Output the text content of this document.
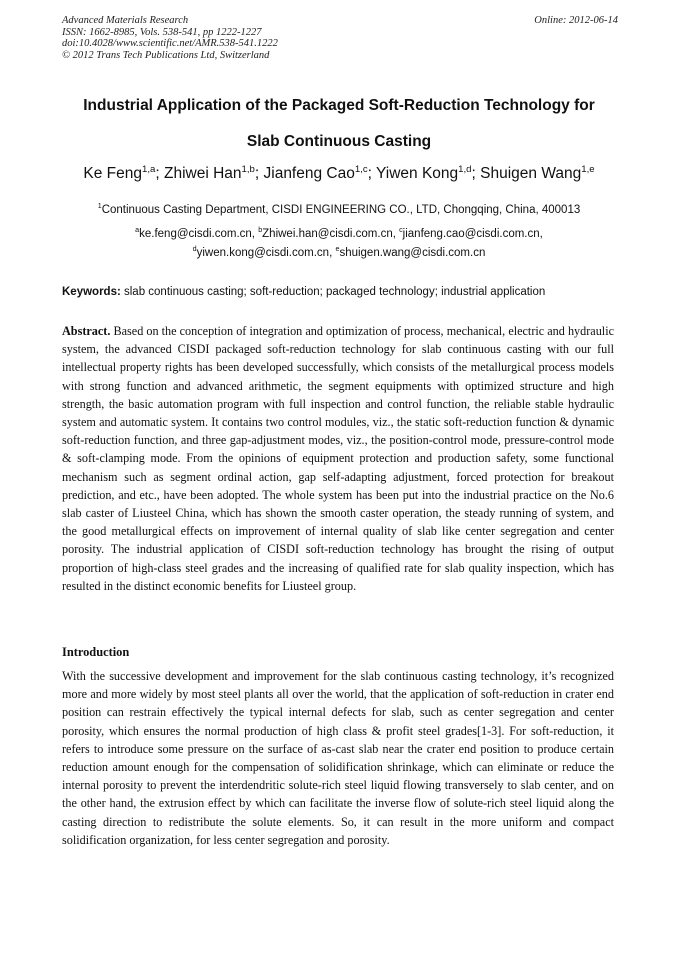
Advanced Materials Research
ISSN: 1662-8985, Vols. 538-541, pp 1222-1227
doi:10.4028/www.scientific.net/AMR.538-541.1222
© 2012 Trans Tech Publications Ltd, Switzerland
Online: 2012-06-14
Industrial Application of the Packaged Soft-Reduction Technology for
Slab Continuous Casting
Ke Feng$^{1,a}$; Zhiwei Han$^{1,b}$; Jianfeng Cao$^{1,c}$; Yiwen Kong$^{1,d}$; Shuigen Wang$^{1,e}$
$^1$Continuous Casting Department, CISDI ENGINEERING CO., LTD, Chongqing, China, 400013
$^a$ke.feng@cisdi.com.cn, $^b$Zhiwei.han@cisdi.com.cn, $^c$jianfeng.cao@cisdi.com.cn,
$^d$yiwen.kong@cisdi.com.cn, $^e$shuigen.wang@cisdi.com.cn
Keywords: slab continuous casting; soft-reduction; packaged technology; industrial application

Abstract. Based on the conception of integration and optimization of process, mechanical, electric and hydraulic system, the advanced CISDI packaged soft-reduction technology for slab continuous casting with our full intellectual property rights has been developed successfully, which consists of the metallurgical process models with strong function and advanced arithmetic, the segment equipments with optimized structure and high strength, the basic automation program with full inspection and control function, the reliable stable hydraulic system and automatic system. It contains two control modules, viz., the static soft-reduction function & dynamic soft-reduction function, and three gap-adjustment modes, viz., the position-control mode, pressure-control mode & soft-clamping mode. From the opinions of equipment protection and production safety, some functional mechanism such as segment ordinal action, gap self-adapting adjustment, forced protection for breakout prediction, and etc., have been adopted. The whole system has been put into the industrial practice on the No.6 slab caster of Liusteel China, which has shown the smooth caster operation, the steady running of system, and the good metallurgical effects on improvement of internal quality of slab like center segregation and center porosity. The industrial application of CISDI soft-reduction technology has brought the rising of output proportion of high-class steel grades and the increasing of qualified rate for slab quality inspection, which has resulted in the distinct economic benefits for Liusteel group.

Introduction

With the successive development and improvement for the slab continuous casting technology, it’s recognized more and more widely by most steel plants all over the world, that the application of soft-reduction in crater end position can restrain effectively the typical internal defects for slab, such as center segregation and center porosity, which ensures the normal production of high class & profit steel grades[1-3]. For soft-reduction, it refers to introduce some pressure on the surface of as-cast slab near the crater end position to produce certain reduction amount enough for the compensation of solidification shrinkage, which can eliminate or reduce the internal porosity to prevent the interdendritic solute-rich steel liquid flowing transversely to slab center, and on the other hand, the extrusion effect by which can facilitate the inverse flow of solute-rich steel liquid along the casting direction to redistribute the solute elements. So, it can result in the more uniform and compact solidification organization, for less center segregation and porosity.
